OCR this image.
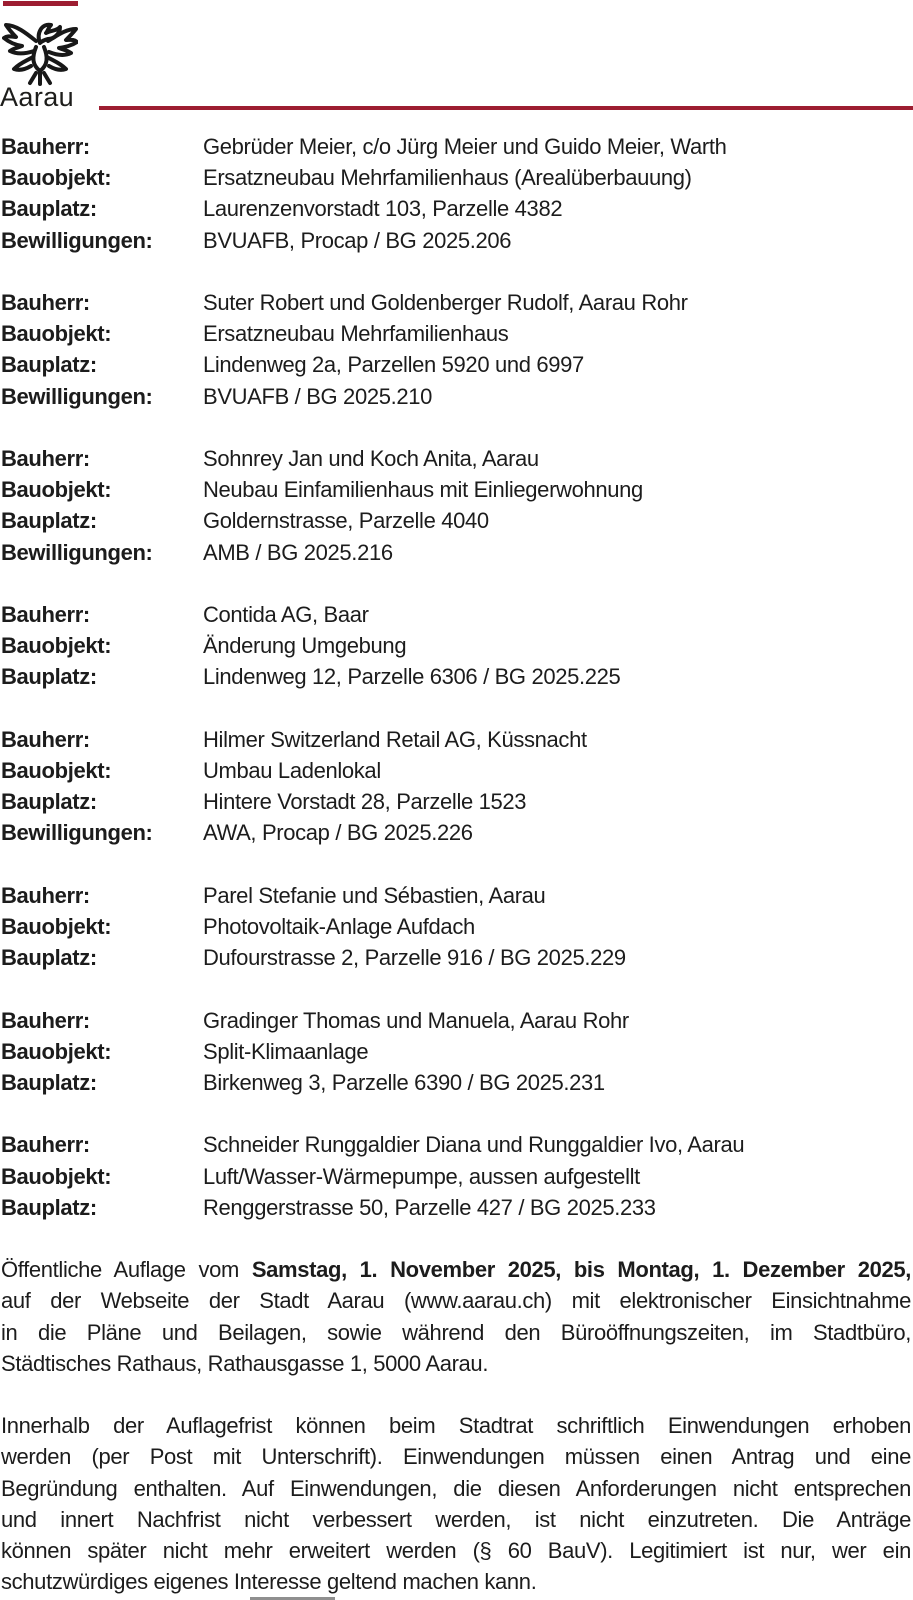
Aarau
Bauherr:	Gebrüder Meier, c/o Jürg Meier und Guido Meier, Warth
Bauobjekt:	Ersatzneubau Mehrfamilienhaus (Arealüberbauung)
Bauplatz:	Laurenzenvorstadt 103, Parzelle 4382
Bewilligungen:	BVUAFB, Procap / BG 2025.206
Bauherr:	Suter Robert und Goldenberger Rudolf, Aarau Rohr
Bauobjekt:	Ersatzneubau Mehrfamilienhaus
Bauplatz:	Lindenweg 2a, Parzellen 5920 und 6997
Bewilligungen:	BVUAFB / BG 2025.210
Bauherr:	Sohnrey Jan und Koch Anita, Aarau
Bauobjekt:	Neubau Einfamilienhaus mit Einliegerwohnung
Bauplatz:	Goldernstrasse, Parzelle 4040
Bewilligungen:	AMB / BG 2025.216
Bauherr:	Contida AG, Baar
Bauobjekt:	Änderung Umgebung
Bauplatz:	Lindenweg 12, Parzelle 6306 / BG 2025.225
Bauherr:	Hilmer Switzerland Retail AG, Küssnacht
Bauobjekt:	Umbau Ladenlokal
Bauplatz:	Hintere Vorstadt 28, Parzelle 1523
Bewilligungen:	AWA, Procap / BG 2025.226
Bauherr:	Parel Stefanie und Sébastien, Aarau
Bauobjekt:	Photovoltaik-Anlage Aufdach
Bauplatz:	Dufourstrasse 2, Parzelle 916 / BG 2025.229
Bauherr:	Gradinger Thomas und Manuela, Aarau Rohr
Bauobjekt:	Split-Klimaanlage
Bauplatz:	Birkenweg 3, Parzelle 6390 / BG 2025.231
Bauherr:	Schneider Runggaldier Diana und Runggaldier Ivo, Aarau
Bauobjekt:	Luft/Wasser-Wärmepumpe, aussen aufgestellt
Bauplatz:	Renggerstrasse 50, Parzelle 427 / BG 2025.233
Öffentliche Auflage vom Samstag, 1. November 2025, bis Montag, 1. Dezember 2025,
auf der Webseite der Stadt Aarau (www.aarau.ch) mit elektronischer Einsichtnahme
in die Pläne und Beilagen, sowie während den Büroöffnungszeiten, im Stadtbüro,
Städtisches Rathaus, Rathausgasse 1, 5000 Aarau.
Innerhalb der Auflagefrist können beim Stadtrat schriftlich Einwendungen erhoben
werden (per Post mit Unterschrift). Einwendungen müssen einen Antrag und eine
Begründung enthalten. Auf Einwendungen, die diesen Anforderungen nicht entsprechen
und innert Nachfrist nicht verbessert werden, ist nicht einzutreten. Die Anträge
können später nicht mehr erweitert werden (§ 60 BauV). Legitimiert ist nur, wer ein
schutzwürdiges eigenes Interesse geltend machen kann.
